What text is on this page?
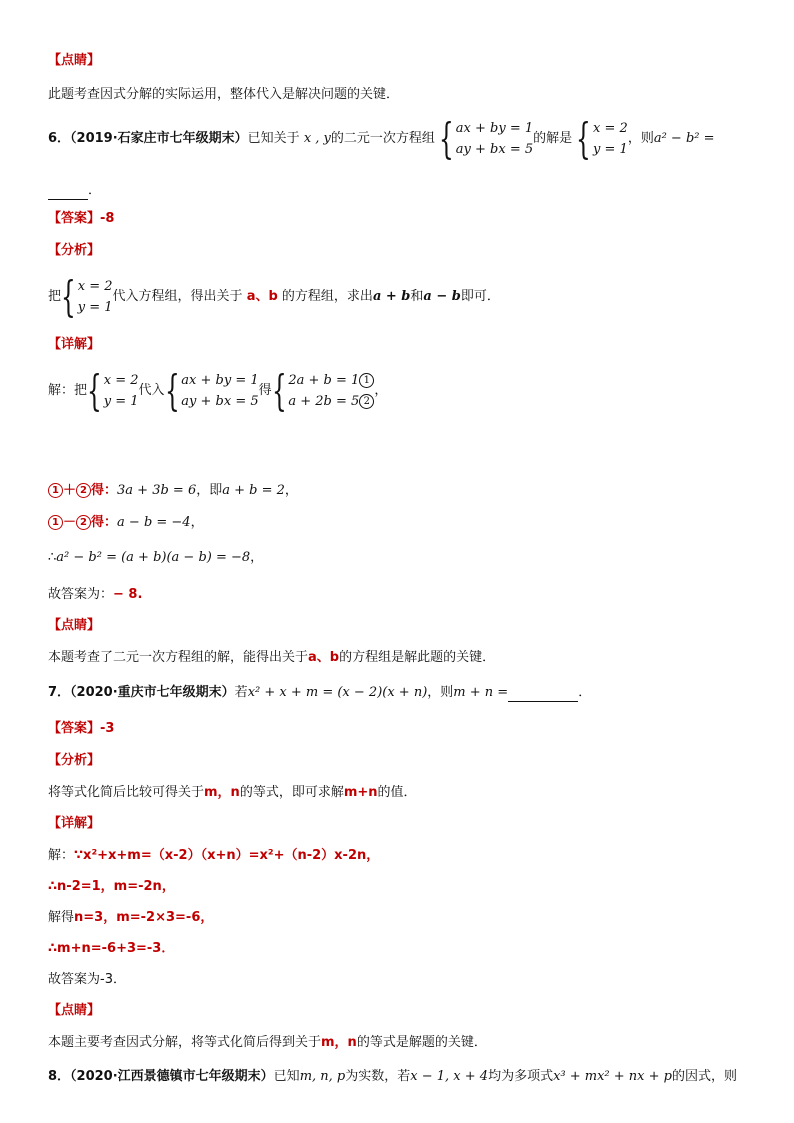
【点睛】
此题考查因式分解的实际运用，整体代入是解决问题的关键．
6．（2019·石家庄市七年级期末）已知关于 x , y的二元一次方程组 { ax + by = 1
ay + bx = 5
的解是 { x = 2
y = 1
，则a² − b² =
．
【答案】-8
【分析】
把 { x = 2
y = 1
代入方程组，得出关于 a、b 的方程组，求出a + b和a − b即可．
【详解】
解：把 { x = 2
y = 1
代入 { ax + by = 1
ay + bx = 5
得 { 2a + b = 1 1
a + 2b = 5 2
，
1 ＋ 2 得：3a + 3b = 6，即a + b = 2，
1 － 2 得：a − b = −4，
∴a² − b² = (a + b)(a − b) = −8，
故答案为：− 8.
【点睛】
本题考查了二元一次方程组的解，能得出关于a、b的方程组是解此题的关键．
7．（2020·重庆市七年级期末）若x² + x + m = (x − 2)(x + n)，则m + n =	．
【答案】-3
【分析】
将等式化简后比较可得关于m，n的等式，即可求解m+n的值．
【详解】
解：∵x²+x+m=（x-2）（x+n）=x²+（n-2）x-2n，
∴n-2=1，m=-2n，
解得n=3，m=-2×3=-6，
∴m+n=-6+3=-3．
故答案为-3．
【点睛】
本题主要考查因式分解，将等式化简后得到关于m，n的等式是解题的关键．
8．（2020·江西景德镇市七年级期末）已知m, n, p为实数，若x − 1, x + 4均为多项式x³ + mx² + nx + p的因式，则
